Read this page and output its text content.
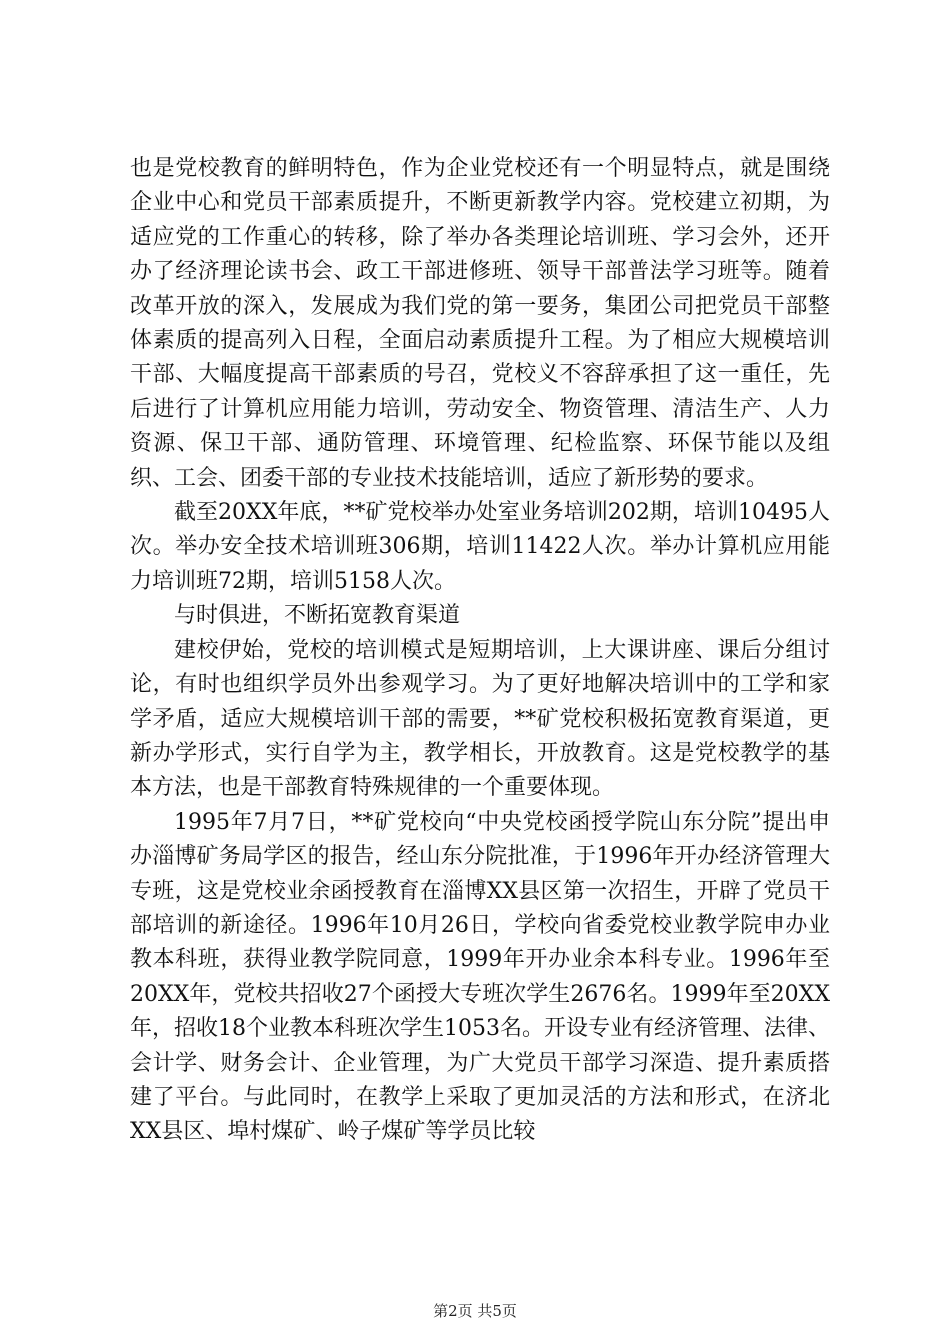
也是党校教育的鲜明特色，作为企业党校还有一个明显特点，就是围绕企业中心和党员干部素质提升，不断更新教学内容。党校建立初期，为适应党的工作重心的转移，除了举办各类理论培训班、学习会外，还开办了经济理论读书会、政工干部进修班、领导干部普法学习班等。随着改革开放的深入，发展成为我们党的第一要务，集团公司把党员干部整体素质的提高列入日程，全面启动素质提升工程。为了相应大规模培训干部、大幅度提高干部素质的号召，党校义不容辞承担了这一重任，先后进行了计算机应用能力培训，劳动安全、物资管理、清洁生产、人力资源、保卫干部、通防管理、环境管理、纪检监察、环保节能以及组织、工会、团委干部的专业技术技能培训，适应了新形势的要求。

截至20XX年底，**矿党校举办处室业务培训202期，培训10495人次。举办安全技术培训班306期，培训11422人次。举办计算机应用能力培训班72期，培训5158人次。

与时俱进，不断拓宽教育渠道

建校伊始，党校的培训模式是短期培训，上大课讲座、课后分组讨论，有时也组织学员外出参观学习。为了更好地解决培训中的工学和家学矛盾，适应大规模培训干部的需要，**矿党校积极拓宽教育渠道，更新办学形式，实行自学为主，教学相长，开放教育。这是党校教学的基本方法，也是干部教育特殊规律的一个重要体现。

1995年7月7日，**矿党校向“中央党校函授学院山东分院”提出申办淄博矿务局学区的报告，经山东分院批准，于1996年开办经济管理大专班，这是党校业余函授教育在淄博XX县区第一次招生，开辟了党员干部培训的新途径。1996年10月26日，学校向省委党校业教学院申办业教本科班，获得业教学院同意，1999年开办业余本科专业。1996年至20XX年，党校共招收27个函授大专班次学生2676名。1999年至20XX年，招收18个业教本科班次学生1053名。开设专业有经济管理、法律、会计学、财务会计、企业管理，为广大党员干部学习深造、提升素质搭建了平台。与此同时，在教学上采取了更加灵活的方法和形式，在济北XX县区、埠村煤矿、岭子煤矿等学员比较

第2页 共5页
